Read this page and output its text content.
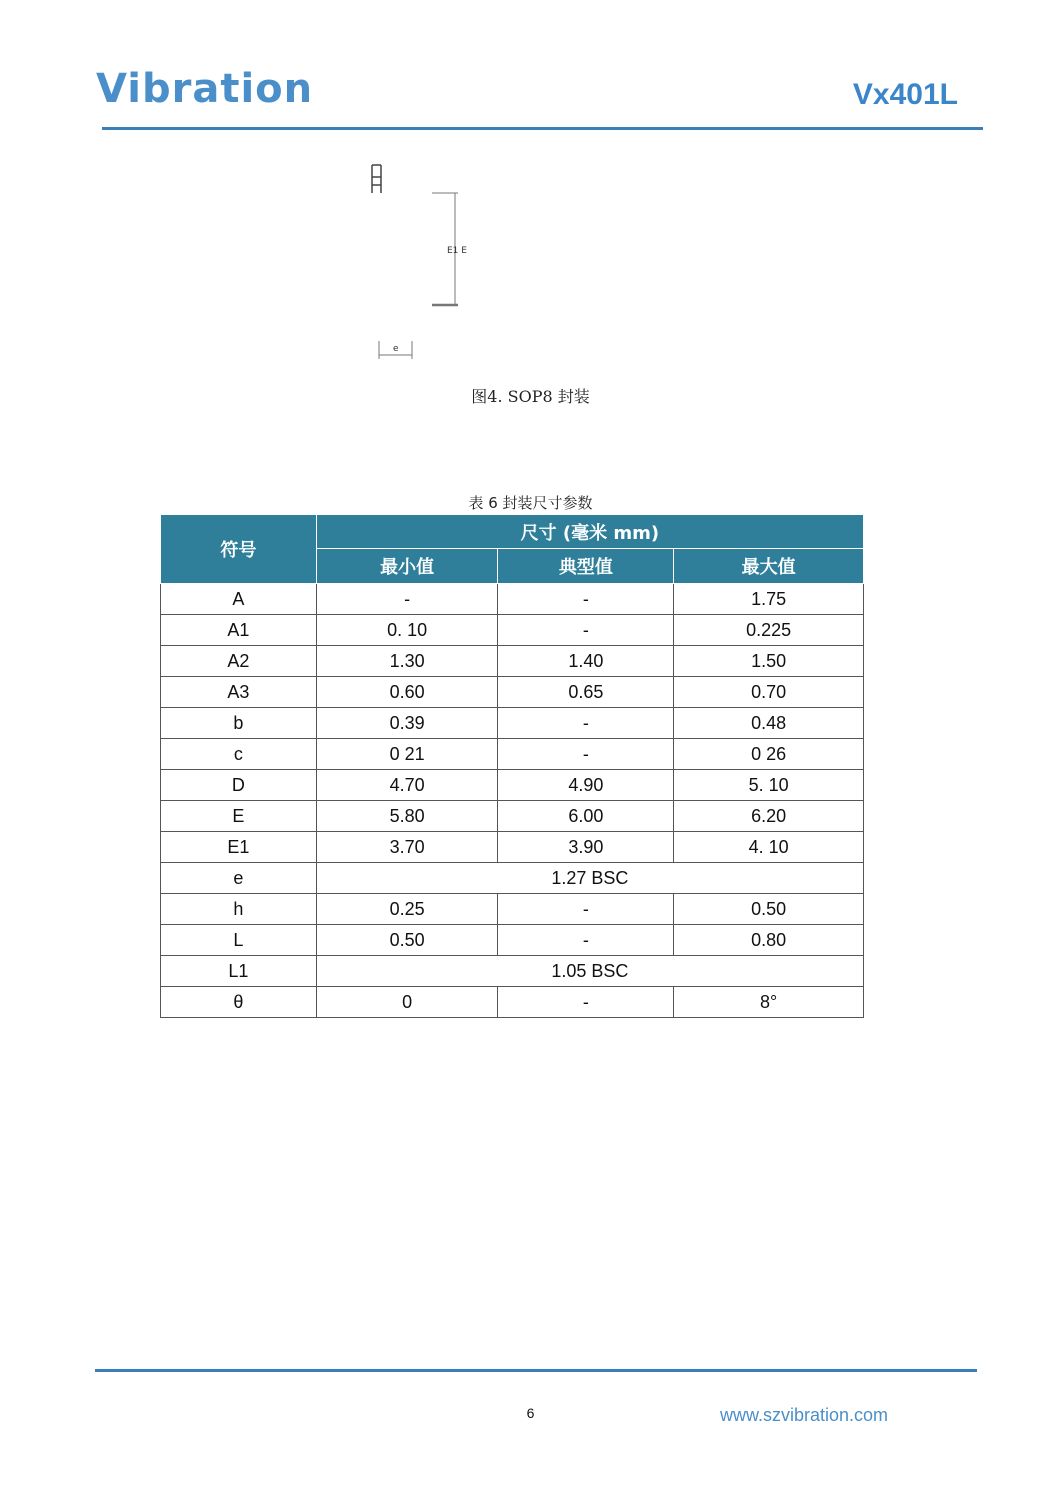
Vibration	Vx401L
E1 E
e
图4. SOP8 封装
表 6 封装尺寸参数
符号	尺寸 (毫米 mm)		
	最小值	典型值	最大值
A	-	-	1.75
A1	0. 10	-	0.225
A2	1.30	1.40	1.50
A3	0.60	0.65	0.70
b	0.39	-	0.48
c	0 21	-	0 26
D	4.70	4.90	5. 10
E	5.80	6.00	6.20
E1	3.70	3.90	4. 10
e	1.27 BSC		
h	0.25	-	0.50
L	0.50	-	0.80
L1	1.05 BSC		
θ	0	-	8°
6	www.szvibration.com
